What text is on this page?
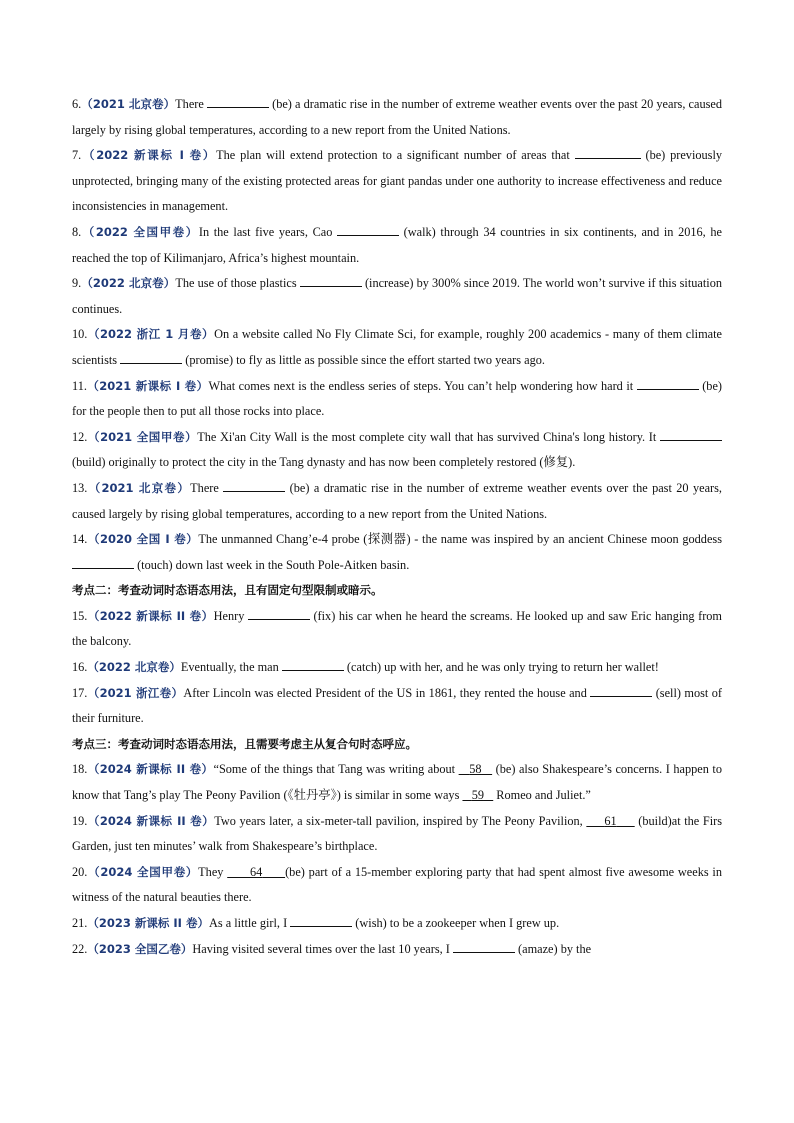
6.（2021 北京卷）There	(be) a dramatic rise in the number of extreme weather events over the past 20 years, caused largely by rising global temperatures, according to a new report from the United Nations.

7.（2022 新课标 I 卷）The plan will extend protection to a significant number of areas that	(be) previously unprotected, bringing many of the existing protected areas for giant pandas under one authority to increase effectiveness and reduce inconsistencies in management.

8.（2022 全国甲卷）In the last five years, Cao	(walk) through 34 countries in six continents, and in 2016, he reached the top of Kilimanjaro, Africa’s highest mountain.

9.（2022 北京卷）The use of those plastics	(increase) by 300% since 2019. The world won’t survive if this situation continues.

10.（2022 浙江 1 月卷）On a website called No Fly Climate Sci, for example, roughly 200 academics - many of them climate scientists	(promise) to fly as little as possible since the effort started two years ago.

11.（2021 新课标 I 卷）What comes next is the endless series of steps. You can’t help wondering how hard it	(be) for the people then to put all those rocks into place.

12.（2021 全国甲卷）The Xi'an City Wall is the most complete city wall that has survived China's long history. It  (build) originally to protect the city in the Tang dynasty and has now been completely restored (修复).

13.（2021 北京卷）There	(be) a dramatic rise in the number of extreme weather events over the past 20 years, caused largely by rising global temperatures, according to a new report from the United Nations.

14.（2020 全国 I 卷）The unmanned Chang’e-4 probe (探测器) - the name was inspired by an ancient Chinese moon goddess  (touch) down last week in the South Pole-Aitken basin.

考点二：考查动词时态语态用法，且有固定句型限制或暗示。

15.（2022 新课标 II 卷）Henry	(fix) his car when he heard the screams. He looked up and saw Eric hanging from the balcony.

16.（2022 北京卷）Eventually, the man	(catch) up with her, and he was only trying to return her wallet!

17.（2021 浙江卷）After Lincoln was elected President of the US in 1861, they rented the house and	(sell) most of their furniture.

考点三：考查动词时态语态用法，且需要考虑主从复合句时态呼应。

18.（2024 新课标 II 卷）“Some of the things that Tang was writing about    58    (be) also Shakespeare’s concerns. I happen to know that Tang’s play The Peony Pavilion (《牡丹亭》) is similar in some ways    59    Romeo and Juliet.”

19.（2024 新课标 II 卷）Two years later, a six-meter-tall pavilion, inspired by The Peony Pavilion,      61      (build)at the Firs Garden, just ten minutes’ walk from Shakespeare’s birthplace.

20.（2024 全国甲卷）They       64 (be) part of a 15-member exploring party that had spent almost five awesome weeks in witness of the natural beauties there.

21.（2023 新课标 II 卷）As a little girl, I	(wish) to be a zookeeper when I grew up.

22.（2023 全国乙卷）Having visited several times over the last 10 years, I	(amaze) by the
